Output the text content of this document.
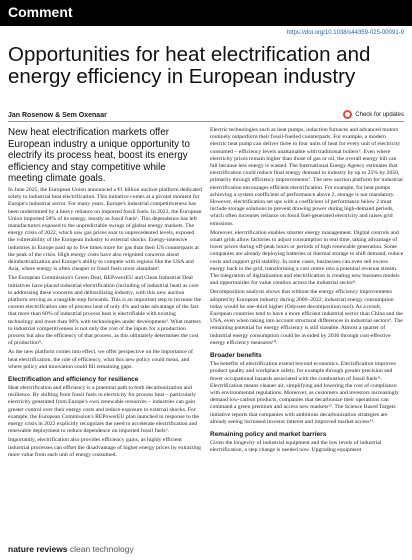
Comment
https://doi.org/10.1038/s44359-025-00091-9
Opportunities for heat electrification and energy efficiency in European industry
Jan Rosenow & Sem Oxenaar	Check for updates

New heat electrification markets offer European industry a unique opportunity to electrify its process heat, boost its energy efficiency and stay competitive while meeting climate goals.

In June 2025, the European Union announced a €1 billion auction platform dedicated solely to industrial heat electrification. This initiative comes at a pivotal moment for Europe's industrial sector. For many years, Europe's industrial competitiveness has been undermined by a heavy reliance on imported fossil fuels. In 2023, the European Union imported 58% of its energy, mostly as fossil fuels¹. This dependence has left manufacturers exposed to the unpredictable swings of global energy markets. The energy crisis of 2022, which saw gas prices soar to unprecedented levels, exposed the vulnerability of the European industry to external shocks. Energy-intensive industries in Europe paid up to five times more for gas than their US counterparts at the peak of the crisis. High energy costs have also reignited concerns about deindustrialization and Europe's ability to compete with regions like the USA and Asia, where energy is often cheaper or fossil fuels more abundant².

The European Commission's Green Deal, REPowerEU and Clean Industrial Deal initiatives have placed industrial electrification (including of industrial heat) as core to addressing these concerns and defossilizing industry, with this new auction platform serving as a tangible step forwards. This is an important step to increase the current electrification rate of process heat of only 4% and take advantage of the fact that more than 60% of industrial process heat is electrifiable with existing technology and more than 90% with technologies under development³. What matters to industrial competitiveness is not only the cost of the inputs for a production process but also the efficiency of that process, as this ultimately determines the cost of production⁴.

As the new platform comes into effect, we offer perspective on the importance of heat electrification, the role of efficiency, what this new policy could mean, and where policy and innovation could fill remaining gaps.

Electrification and efficiency for resilience

Heat electrification and efficiency is a potential path to both decarbonization and resilience. By shifting from fossil fuels to electricity for process heat – particularly electricity generated from Europe's own renewable resources – industries can gain greater control over their energy costs and reduce exposure to external shocks. For example, the European Commission's REPowerEU plan launched in response to the energy crisis in 2022 explicitly recognizes the need to accelerate electrification and renewable deployment to reduce dependence on imported fossil fuels⁵.

Importantly, electrification also provides efficiency gains, as highly efficient industrial processes can offset the disadvantage of higher energy prices by extracting more value from each unit of energy consumed.

Electric technologies such as heat pumps, induction furnaces and advanced motors routinely outperform their fossil-fuelled counterparts. For example, a modern electric heat pump can deliver three to four units of heat for every unit of electricity consumed – efficiency levels unattainable with traditional boilers⁶. Even where electricity prices remain higher than those of gas or oil, the overall energy bill can fall because less energy is wasted. The International Energy Agency estimates that electrification could reduce final energy demand in industry by up to 25% by 2050, primarily through efficiency improvements⁷. The new auction platform for industrial electrification encourages efficient electrification. For example, for heat pumps achieving a system coefficient of performance above 2, storage is not mandatory. However, electrification set ups with a coefficient of performance below 2 must include storage solutions to prevent drawing power during high-demand periods, which often increases reliance on fossil fuel-generated electricity and raises grid emissions.

Moreover, electrification enables smarter energy management. Digital controls and smart grids allow factories to adjust consumption in real time, taking advantage of lower prices during off-peak hours or periods of high renewable generation. Some companies are already deploying batteries or thermal storage to shift demand, reduce costs and support grid stability. In some cases, businesses can even sell excess energy back to the grid, transforming a cost centre into a potential revenue stream. The integration of digitalization and electrification is creating new business models and opportunities for value creation across the industrial sector⁸.

Decomposition analysis shows that without the energy efficiency improvements adopted by European industry during 2000–2022, industrial energy consumption today would be one-third higher (Odyssee decomposition tool). As a result, European countries tend to have a more efficient industrial sector than China and the USA, even when taking into account structural differences in industrial sectors⁹. The remaining potential for energy efficiency is still sizeable. Almost a quarter of industrial energy consumption could be avoided by 2030 through cost-effective energy efficiency measures¹⁰.

Broader benefits

The benefits of electrification extend beyond economics. Electrification improves product quality and workplace safety, for example through greater precision and fewer occupational hazards associated with the combustion of fossil fuels¹¹. Electrification means cleaner air, simplifying and lowering the cost of compliance with environmental regulations. Moreover, as customers and investors increasingly demand low-carbon products, companies that decarbonize their operations can command a green premium and access new markets¹². The Science Based Targets initiative reports that companies with ambitious decarbonization strategies are already seeing increased investor interest and improved market access¹³.

Remaining policy and market barriers

Given the longevity of industrial equipment and the low levels of industrial electrification, a step change is needed now. Upgrading equipment

nature reviews clean technology
